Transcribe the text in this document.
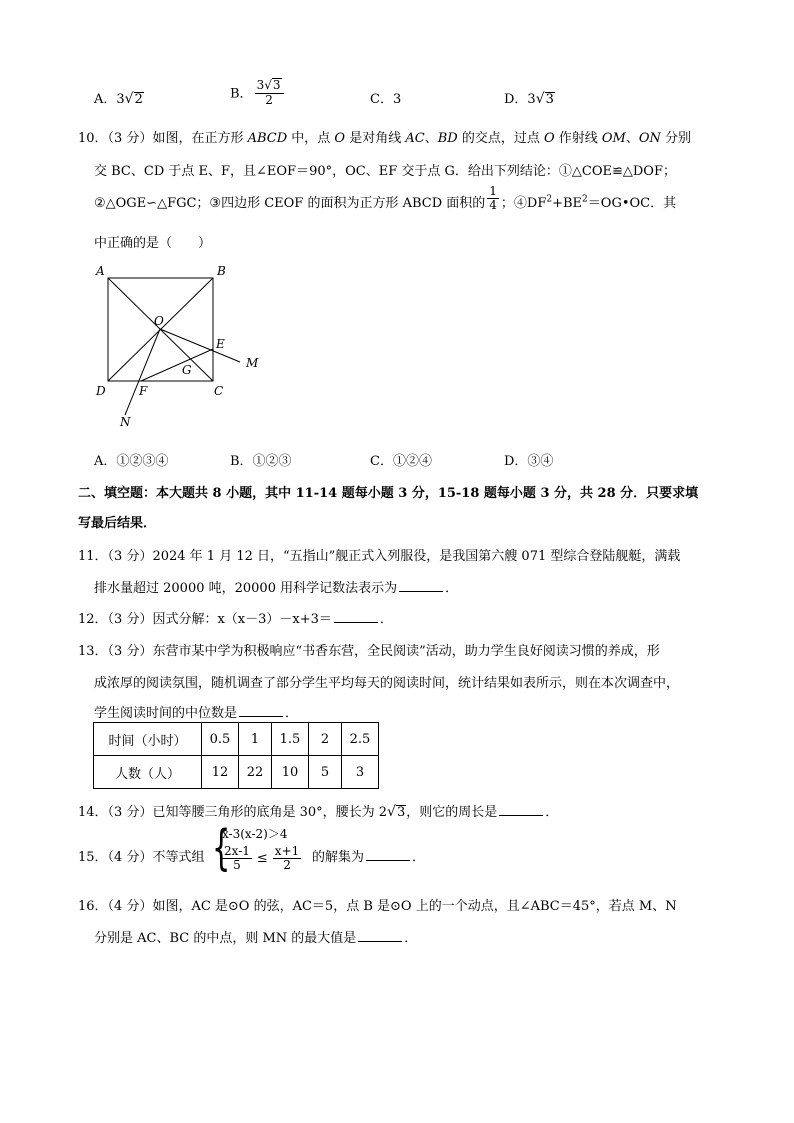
A．3√2	B． $\frac{3√3}{2}$	C．3	D．3√3
10．（3 分）如图，在正方形 ABCD 中，点 O 是对角线 AC、BD 的交点，过点 O 作射线 OM、ON 分别
交 BC、CD 于点 E、F，且∠EOF＝90°，OC、EF 交于点 G．给出下列结论：①△COE≌△DOF；
②△OGE∽△FGC；③四边形 CEOF 的面积为正方形 ABCD 面积的 $\frac{1}{4}$ ；$④DF^2+BE^2=OG•OC$．其
中正确的是（　　）
A	B
C
D
O
E
F
G	M
N
A．①②③④	B．①②③	C．①②④	D．③④
二、填空题：本大题共 8 小题，其中 11-14 题每小题 3 分，15-18 题每小题 3 分，共 28 分．只要求填
写最后结果．
11．（3 分）2024 年 1 月 12 日，“五指山”舰正式入列服役，是我国第六艘 071 型综合登陆舰艇，满载
排水量超过 20000 吨，20000 用科学记数法表示为	．
12．（3 分）因式分解：x（x－3）－x+3＝	．
13．（3 分）东营市某中学为积极响应“书香东营，全民阅读”活动，助力学生良好阅读习惯的养成，形
成浓厚的阅读氛围，随机调查了部分学生平均每天的阅读时间，统计结果如表所示，则在本次调查中，
学生阅读时间的中位数是	．
时间（小时）	0.5	1	1.5	2	2.5
人数（人）	12	22	10	5	3
14．（3 分）已知等腰三角形的底角是 30°，腰长为 2√3，则它的周长是	．
15．（4 分）不等式组 {
x-3(x-2)＞4
$\frac{2x-1}{5} \le \frac{x+1}{2}$ 的解集为	．
16．（4 分）如图，AC 是⊙O 的弦，AC＝5，点 B 是⊙O 上的一个动点，且∠ABC＝45°，若点 M、N
分别是 AC、BC 的中点，则 MN 的最大值是	．
